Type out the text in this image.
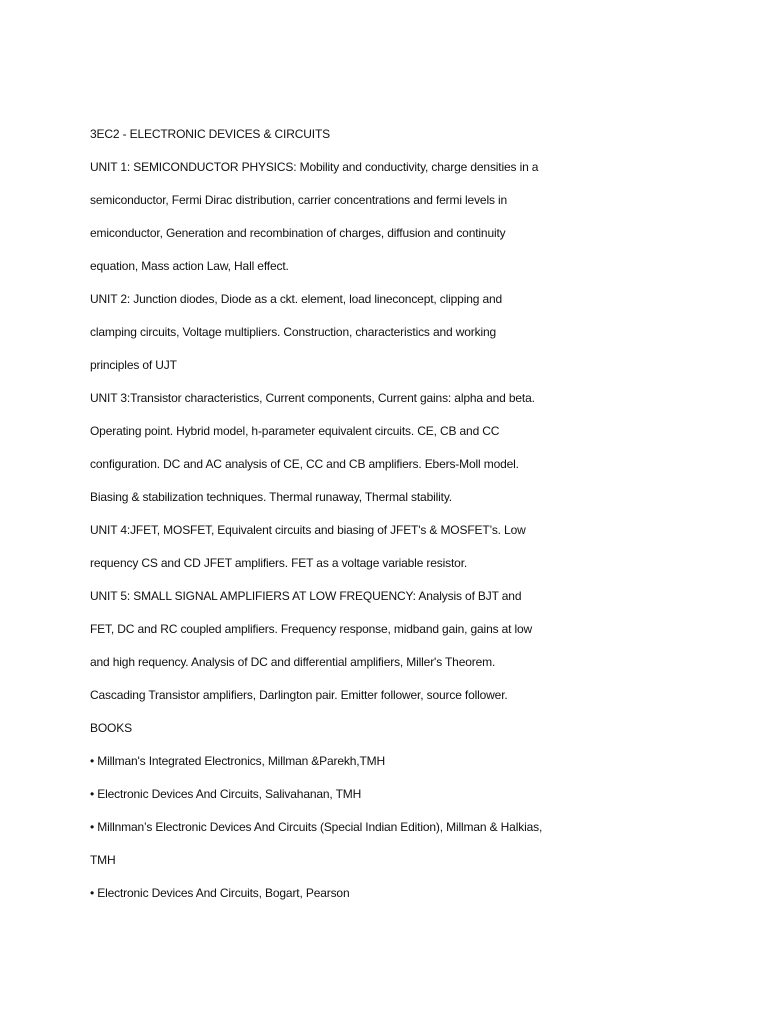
3EC2 - ELECTRONIC DEVICES & CIRCUITS
UNIT 1: SEMICONDUCTOR PHYSICS: Mobility and conductivity, charge densities in a
semiconductor, Fermi Dirac distribution, carrier concentrations and fermi levels in
emiconductor, Generation and recombination of charges, diffusion and continuity
equation, Mass action Law, Hall effect.
UNIT 2: Junction diodes, Diode as a ckt. element, load lineconcept, clipping and
clamping circuits, Voltage multipliers. Construction, characteristics and working
principles of UJT
UNIT 3:Transistor characteristics, Current components, Current gains: alpha and beta.
Operating point. Hybrid model, h-parameter equivalent circuits. CE, CB and CC
configuration. DC and AC analysis of CE, CC and CB amplifiers. Ebers-Moll model.
Biasing & stabilization techniques. Thermal runaway, Thermal stability.
UNIT 4:JFET, MOSFET, Equivalent circuits and biasing of JFET's & MOSFET’s. Low
requency CS and CD JFET amplifiers. FET as a voltage variable resistor.
UNIT 5: SMALL SIGNAL AMPLIFIERS AT LOW FREQUENCY: Analysis of BJT and
FET, DC and RC coupled amplifiers. Frequency response, midband gain, gains at low
and high requency. Analysis of DC and differential amplifiers, Miller's Theorem.
Cascading Transistor amplifiers, Darlington pair. Emitter follower, source follower.
BOOKS
• Millman's Integrated Electronics, Millman &Parekh,TMH
• Electronic Devices And Circuits, Salivahanan, TMH
• Millnman’s Electronic Devices And Circuits (Special Indian Edition), Millman & Halkias,
TMH
• Electronic Devices And Circuits, Bogart, Pearson
